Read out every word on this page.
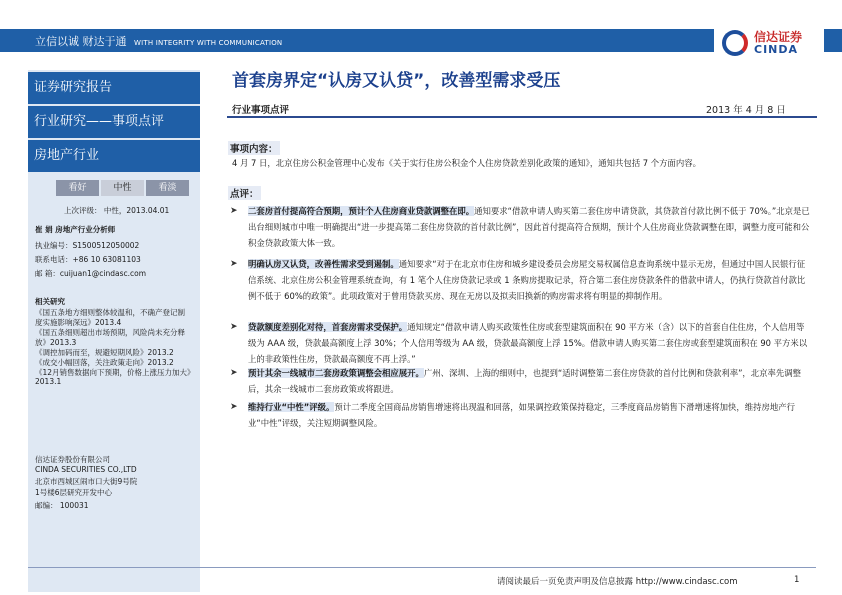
立信以诚 财达于通 WITH INTEGRITY WITH COMMUNICATION	信达证券
CINDA
证券研究报告
行业研究——事项点评
房地产行业
看好	中性	看淡
上次评级： 中性，2013.04.01
崔 娟 房地产行业分析师
执业编号：S1500512050002
联系电话：+86 10 63081103
邮 箱：cuijuan1@cindasc.com
相关研究
《国五条地方细则整体较温和，不确产登记制
度实施影响深远》2013.4
《国五条细则超出市场预期，风险尚未充分释
放》2013.3
《调控加码而至，规避短期风险》2013.2
《成交小幅回落，关注政策走向》2013.2
《12月销售数据向下预期，价格上涨压力加大》
2013.1
信达证券股份有限公司
CINDA SECURITIES CO.,LTD
北京市西城区闹市口大街9号院
1号楼6层研究开发中心
邮编： 100031
首套房界定“认房又认贷”，改善型需求受压
行业事项点评	2013 年 4 月 8 日
事项内容：
4 月 7 日，北京住房公积金管理中心发布《关于实行住房公积金个人住房贷款差别化政策的通知》，通知共包括 7 个方面内容。
点评：
➤ 二套房首付提高符合预期，预计个人住房商业贷款调整在即。通知要求“借款申请人购买第二套住房申请贷款，其贷款首付款比例不低于 70%。”北京是已出台细则城市中唯一明确提出“进一步提高第二套住房贷款的首付款比例”，因此首付提高符合预期，预计个人住房商业贷款调整在即，调整力度可能和公积金贷款政策大体一致。
➤ 明确认房又认贷，改善性需求受到遏制。通知要求“对于在北京市住房和城乡建设委员会房屋交易权属信息查询系统中显示无房，但通过中国人民银行征信系统、北京住房公积金管理系统查询，有 1 笔个人住房贷款记录或 1 条购房提取记录，符合第二套住房贷款条件的借款申请人，仍执行贷款首付款比例不低于 60%的政策”。此项政策对于曾用贷款买房、现在无房以及拟卖旧换新的购房需求将有明显的抑制作用。
➤ 贷款额度差别化对待，首套房需求受保护。通知规定“借款申请人购买政策性住房或套型建筑面积在 90 平方米（含）以下的首套自住住房，个人信用等级为 AAA 级，贷款最高额度上浮 30%；个人信用等级为 AA 级，贷款最高额度上浮 15%。借款申请人购买第二套住房或套型建筑面积在 90 平方米以上的非政策性住房，贷款最高额度不再上浮。”
➤ 预计其余一线城市二套房政策调整会相应展开。广州、深圳、上海的细则中，也提到“适时调整第二套住房贷款的首付比例和贷款利率”，北京率先调整后，其余一线城市二套房政策或将跟进。
➤ 维持行业“中性”评级。预计二季度全国商品房销售增速将出现温和回落，如果调控政策保持稳定，三季度商品房销售下滑增速将加快，维持房地产行业“中性”评级，关注短期调整风险。
请阅读最后一页免责声明及信息披露 http://www.cindasc.com	1
